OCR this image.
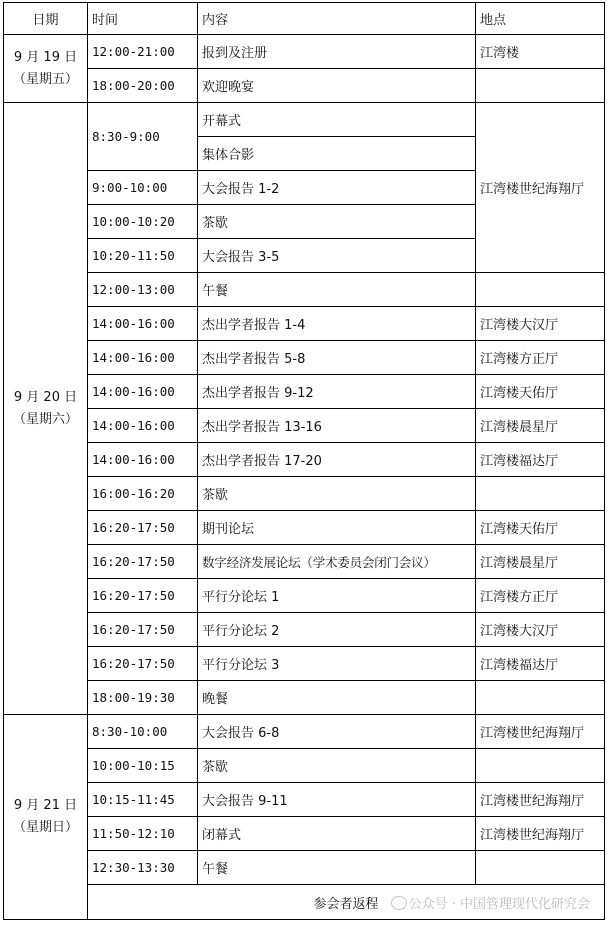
日期	时间	内容	地点

9 月 19 日
（星期五）	12:00-21:00	报到及注册	江湾楼
	18:00-20:00	欢迎晚宴	

9 月 20 日
（星期六）	8:30-9:00	开幕式	江湾楼世纪海翔厅
		集体合影	
	9:00-10:00	大会报告 1-2	
	10:00-10:20	茶歇	
	10:20-11:50	大会报告 3-5	
	12:00-13:00	午餐	
	14:00-16:00	杰出学者报告 1-4	江湾楼大汉厅
	14:00-16:00	杰出学者报告 5-8	江湾楼方正厅
	14:00-16:00	杰出学者报告 9-12	江湾楼天佑厅
	14:00-16:00	杰出学者报告 13-16	江湾楼晨星厅
	14:00-16:00	杰出学者报告 17-20	江湾楼福达厅
	16:00-16:20	茶歇	
	16:20-17:50	期刊论坛	江湾楼天佑厅
	16:20-17:50	数字经济发展论坛（学术委员会闭门会议）	江湾楼晨星厅
	16:20-17:50	平行分论坛 1	江湾楼方正厅
	16:20-17:50	平行分论坛 2	江湾楼大汉厅
	16:20-17:50	平行分论坛 3	江湾楼福达厅
	18:00-19:30	晚餐	

9 月 21 日
（星期日）	8:30-10:00	大会报告 6-8	江湾楼世纪海翔厅
	10:00-10:15	茶歇	
	10:15-11:45	大会报告 9-11	江湾楼世纪海翔厅
	11:50-12:10	闭幕式	江湾楼世纪海翔厅
	12:30-13:30	午餐	
	参会者返程 公众号 · 中国管理现代化研究会		
